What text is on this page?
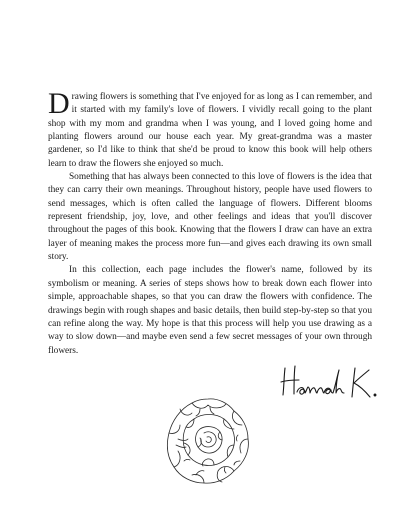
Drawing flowers is something that I've enjoyed for as long as I can remember, and it started with my family's love of flowers. I vividly recall going to the plant shop with my mom and grandma when I was young, and I loved going home and planting flowers around our house each year. My great-grandma was a master gardener, so I'd like to think that she'd be proud to know this book will help others learn to draw the flowers she enjoyed so much.

Something that has always been connected to this love of flowers is the idea that they can carry their own meanings. Throughout history, people have used flowers to send messages, which is often called the language of flowers. Different blooms represent friendship, joy, love, and other feelings and ideas that you'll discover throughout the pages of this book. Knowing that the flowers I draw can have an extra layer of meaning makes the process more fun—and gives each drawing its own small story.

In this collection, each page includes the flower's name, followed by its symbolism or meaning. A series of steps shows how to break down each flower into simple, approachable shapes, so that you can draw the flowers with confidence. The drawings begin with rough shapes and basic details, then build step-by-step so that you can refine along the way. My hope is that this process will help you use drawing as a way to slow down—and maybe even send a few secret messages of your own through flowers.
